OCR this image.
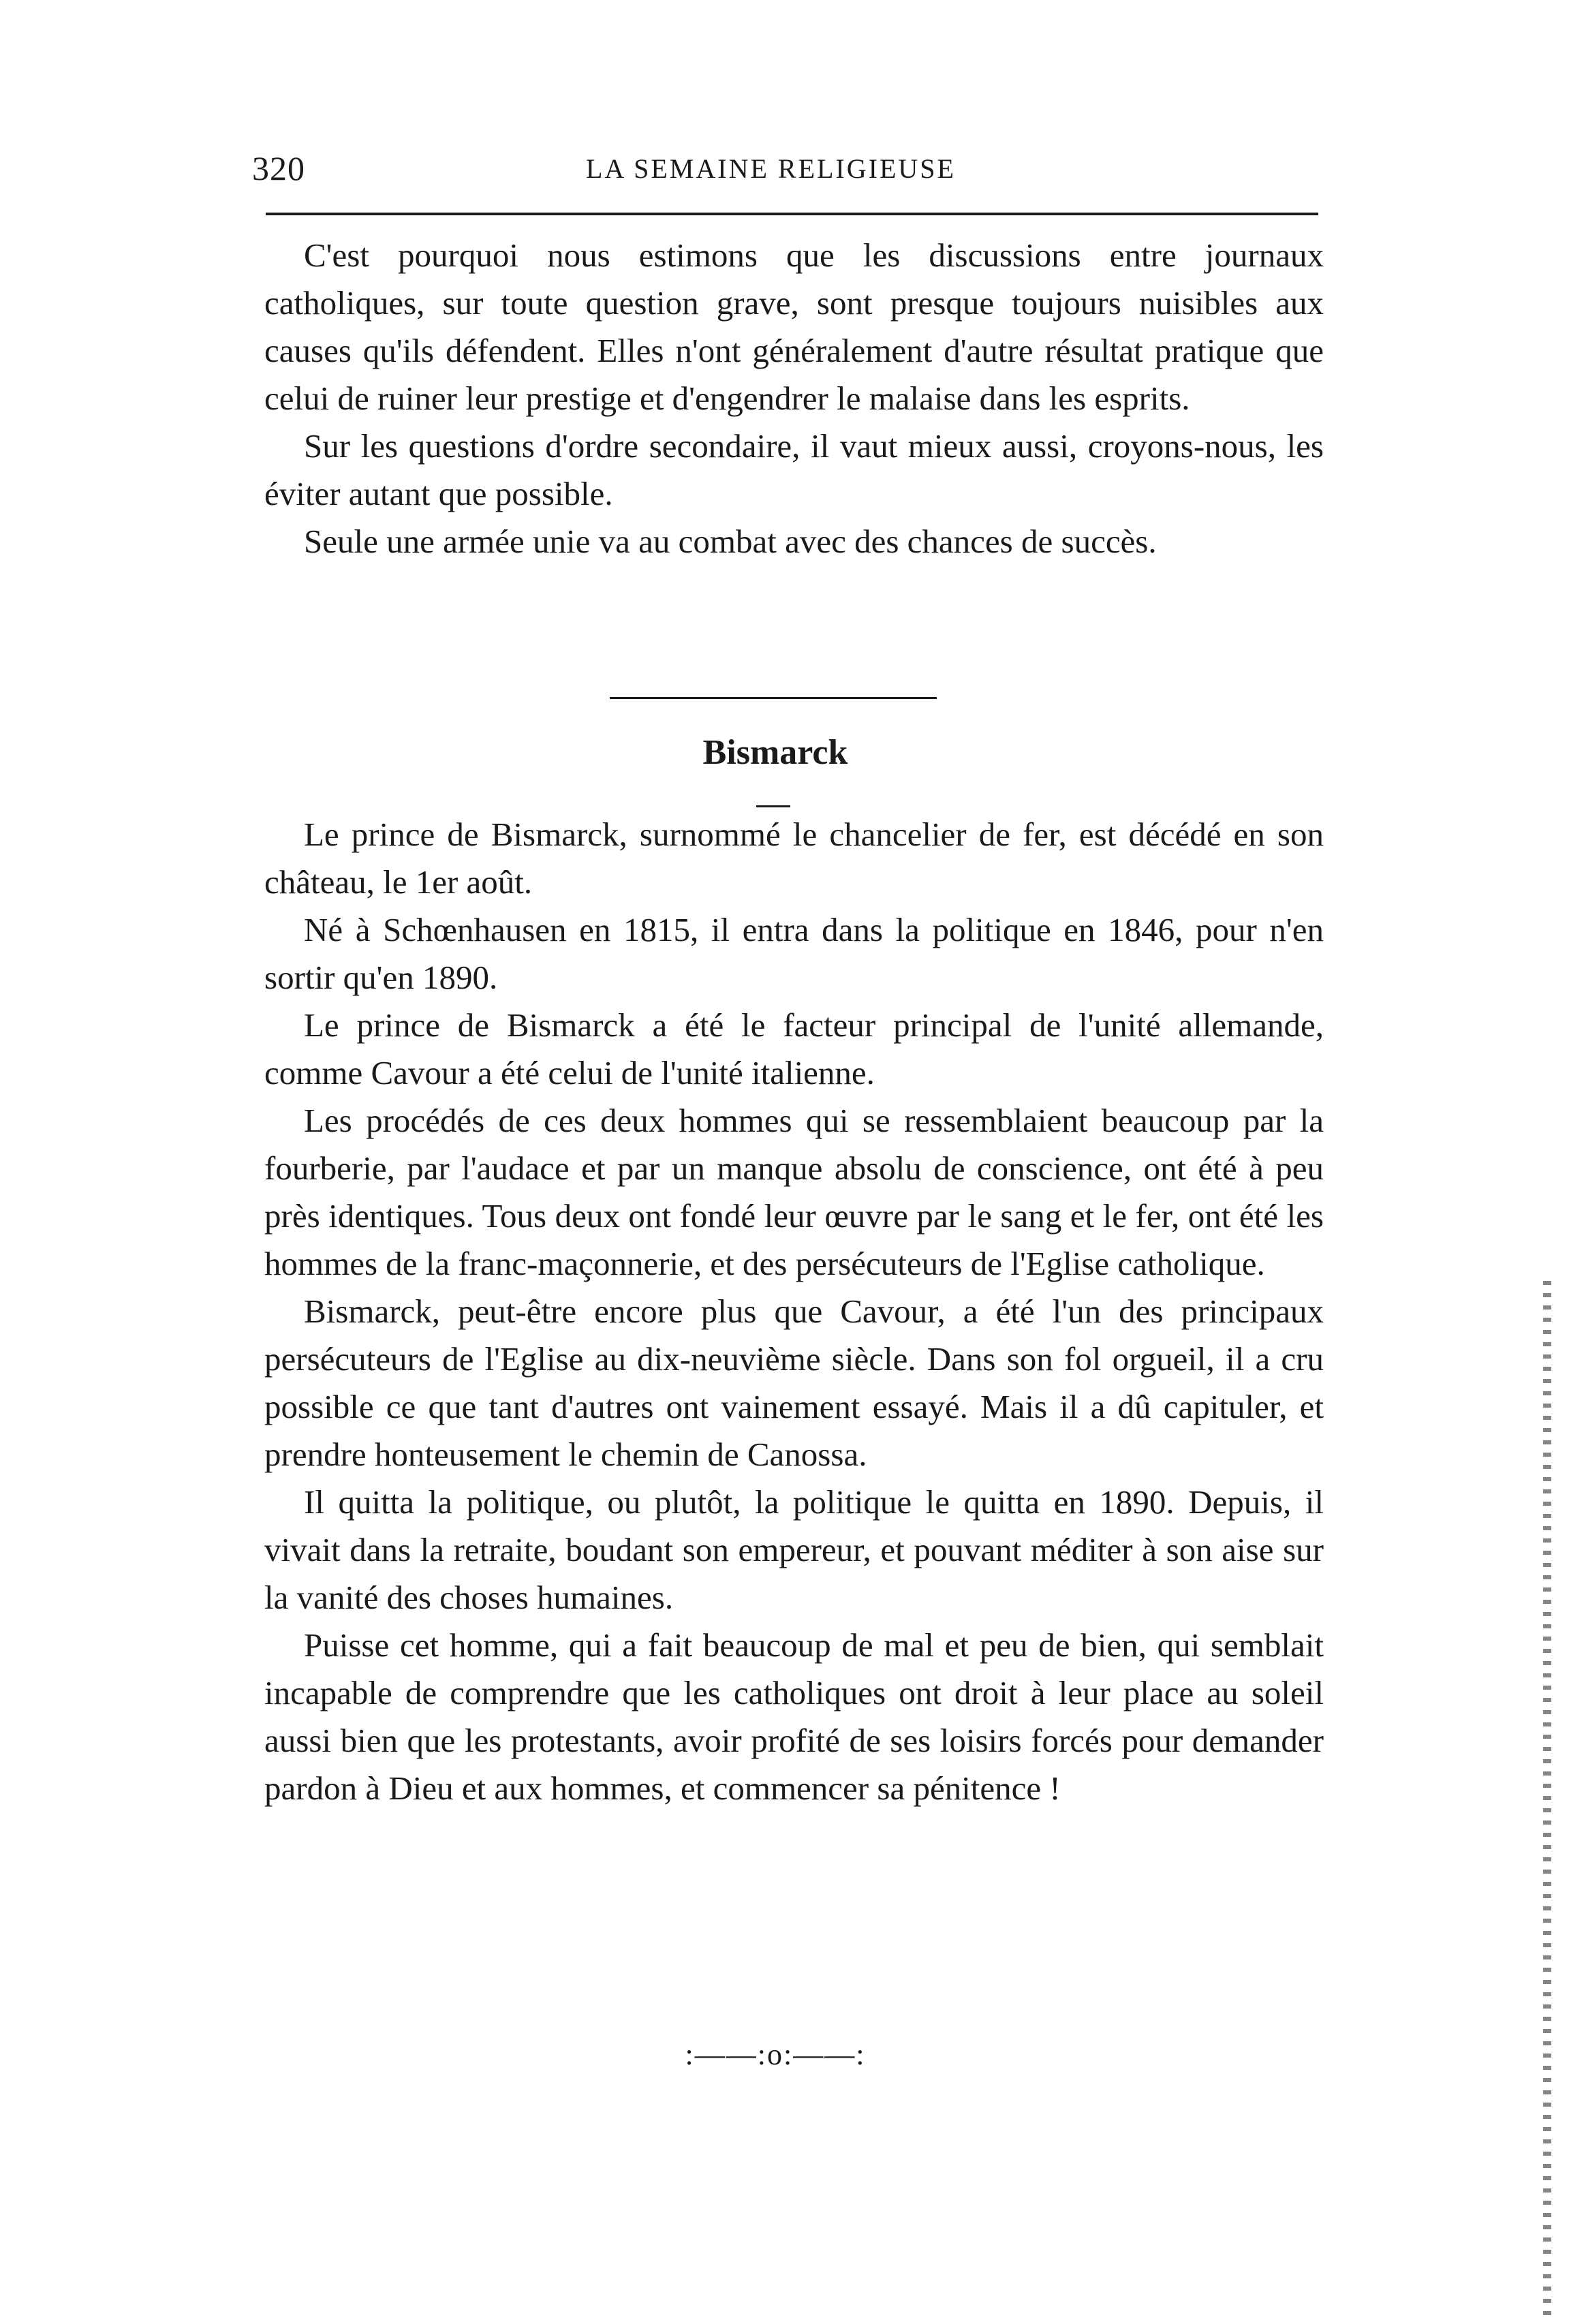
320	LA SEMAINE RELIGIEUSE

C'est pourquoi nous estimons que les discussions entre journaux catholiques, sur toute question grave, sont presque toujours nuisibles aux causes qu'ils défendent. Elles n'ont généralement d'autre résultat pratique que celui de ruiner leur prestige et d'engendrer le malaise dans les esprits.

Sur les questions d'ordre secondaire, il vaut mieux aussi, croyons-nous, les éviter autant que possible.

Seule une armée unie va au combat avec des chances de succès.

Bismarck

Le prince de Bismarck, surnommé le chancelier de fer, est décédé en son château, le 1er août.

Né à Schœnhausen en 1815, il entra dans la politique en 1846, pour n'en sortir qu'en 1890.

Le prince de Bismarck a été le facteur principal de l'unité allemande, comme Cavour a été celui de l'unité italienne.

Les procédés de ces deux hommes qui se ressemblaient beaucoup par la fourberie, par l'audace et par un manque absolu de conscience, ont été à peu près identiques. Tous deux ont fondé leur œuvre par le sang et le fer, ont été les hommes de la franc-maçonnerie, et des persécuteurs de l'Eglise catholique.

Bismarck, peut-être encore plus que Cavour, a été l'un des principaux persécuteurs de l'Eglise au dix-neuvième siècle. Dans son fol orgueil, il a cru possible ce que tant d'autres ont vainement essayé. Mais il a dû capituler, et prendre honteusement le chemin de Canossa.

Il quitta la politique, ou plutôt, la politique le quitta en 1890. Depuis, il vivait dans la retraite, boudant son empereur, et pouvant méditer à son aise sur la vanité des choses humaines.

Puisse cet homme, qui a fait beaucoup de mal et peu de bien, qui semblait incapable de comprendre que les catholiques ont droit à leur place au soleil aussi bien que les protestants, avoir profité de ses loisirs forcés pour demander pardon à Dieu et aux hommes, et commencer sa pénitence !

:——:o:——:
